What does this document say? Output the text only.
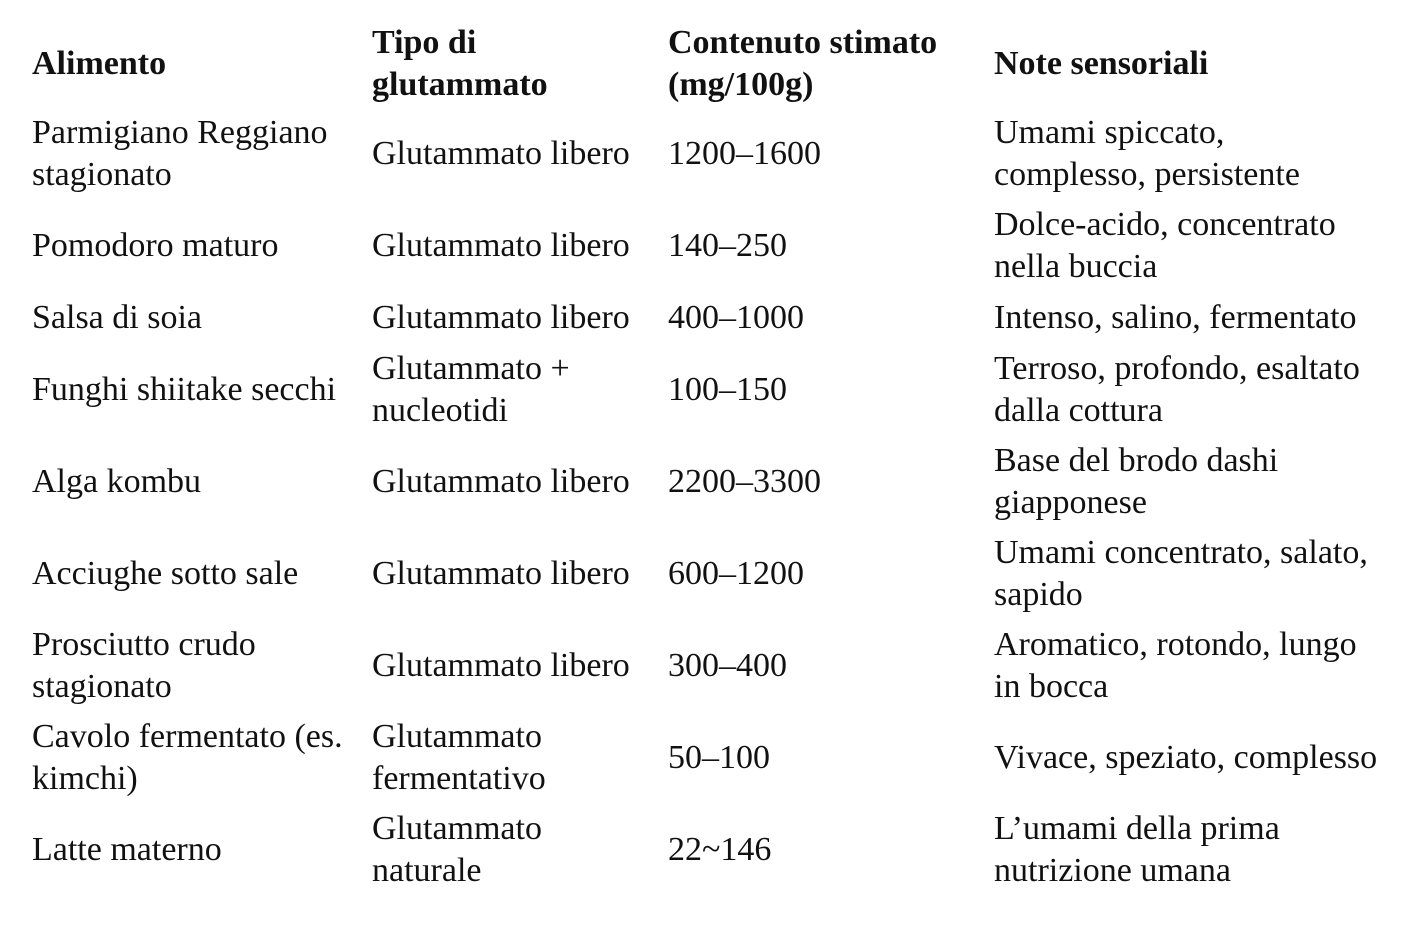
Alimento	Tipo di glutammato	Contenuto stimato (mg/100g)	Note sensoriali
Parmigiano Reggiano stagionato	Glutammato libero	1200–1600	Umami spiccato, complesso, persistente
Pomodoro maturo	Glutammato libero	140–250	Dolce-acido, concentrato nella buccia
Salsa di soia	Glutammato libero	400–1000	Intenso, salino, fermentato
Funghi shiitake secchi	Glutammato + nucleotidi	100–150	Terroso, profondo, esaltato dalla cottura
Alga kombu	Glutammato libero	2200–3300	Base del brodo dashi giapponese
Acciughe sotto sale	Glutammato libero	600–1200	Umami concentrato, salato, sapido
Prosciutto crudo stagionato	Glutammato libero	300–400	Aromatico, rotondo, lungo in bocca
Cavolo fermentato (es. kimchi)	Glutammato fermentativo	50–100	Vivace, speziato, complesso
Latte materno	Glutammato naturale	22~146	L’umami della prima nutrizione umana
